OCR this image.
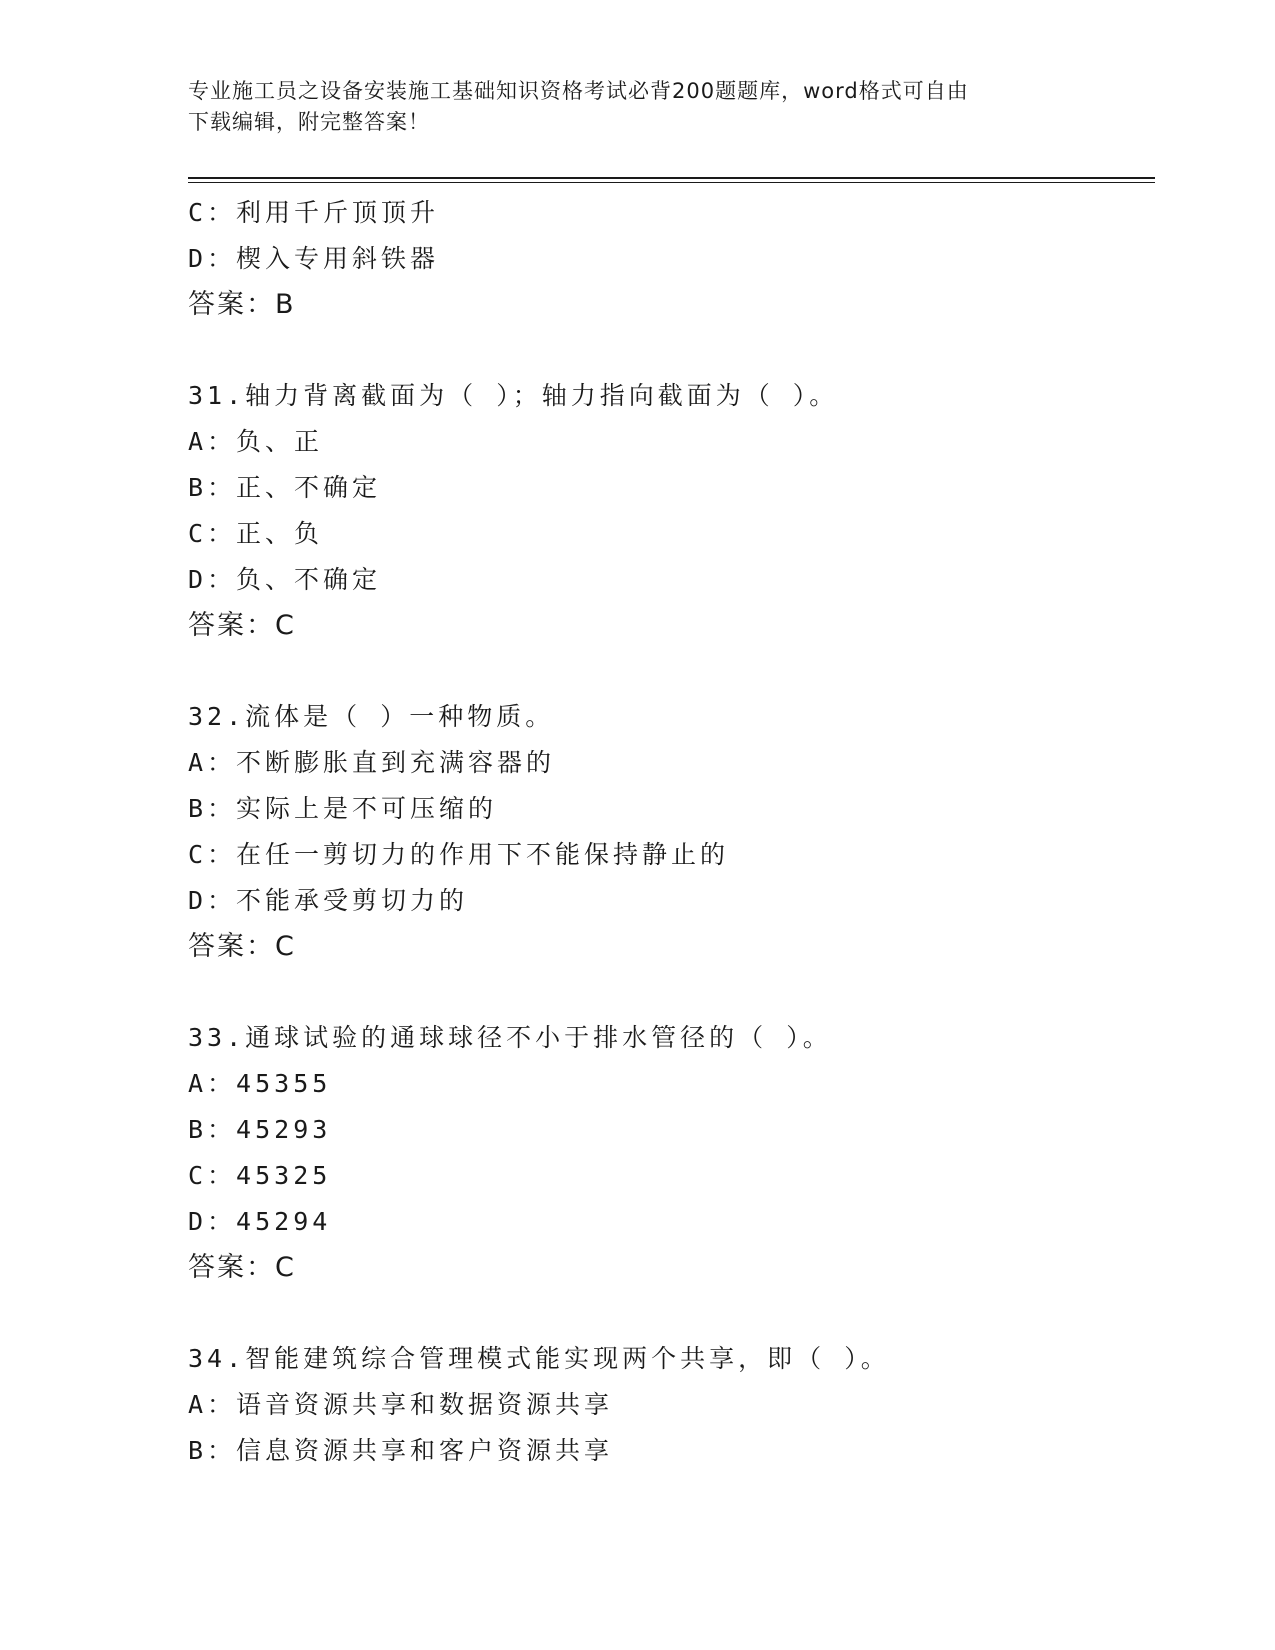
专业施工员之设备安装施工基础知识资格考试必背200题题库，word格式可自由
下载编辑，附完整答案！
C：利用千斤顶顶升
D：楔入专用斜铁器
答案：B
31.轴力背离截面为（ ）；轴力指向截面为（ ）。
A：负、正
B：正、不确定
C：正、负
D：负、不确定
答案：C
32.流体是（ ）一种物质。
A：不断膨胀直到充满容器的
B：实际上是不可压缩的
C：在任一剪切力的作用下不能保持静止的
D：不能承受剪切力的
答案：C
33.通球试验的通球球径不小于排水管径的（ ）。
A：45355
B：45293
C：45325
D：45294
答案：C
34.智能建筑综合管理模式能实现两个共享，即（ ）。
A：语音资源共享和数据资源共享
B：信息资源共享和客户资源共享
